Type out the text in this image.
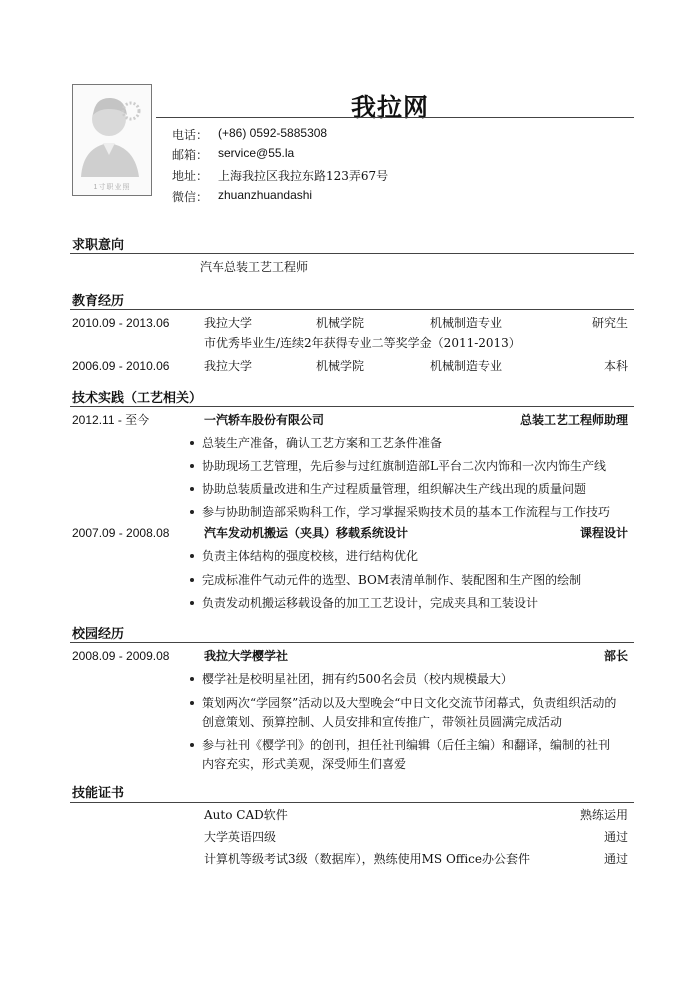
1寸职业照
我拉网
电话： (+86) 0592-5885308
邮箱： service@55.la
地址： 上海我拉区我拉东路123弄67号
微信： zhuanzhuandashi
求职意向
汽车总装工艺工程师
教育经历
2010.09 - 2013.06	我拉大学	机械学院	机械制造专业	研究生
市优秀毕业生/连续2年获得专业二等奖学金（2011-2013）
2006.09 - 2010.06	我拉大学	机械学院	机械制造专业	本科
技术实践（工艺相关）
2012.11 - 至今	一汽轿车股份有限公司	总装工艺工程师助理
总装生产准备，确认工艺方案和工艺条件准备
协助现场工艺管理，先后参与过红旗制造部L平台二次内饰和一次内饰生产线
协助总装质量改进和生产过程质量管理，组织解决生产线出现的质量问题
参与协助制造部采购科工作，学习掌握采购技术员的基本工作流程与工作技巧
2007.09 - 2008.08	汽车发动机搬运（夹具）移载系统设计	课程设计
负责主体结构的强度校核，进行结构优化
完成标准件气动元件的选型、BOM表清单制作、装配图和生产图的绘制
负责发动机搬运移载设备的加工工艺设计，完成夹具和工装设计
校园经历
2008.09 - 2009.08	我拉大学樱学社	部长
樱学社是校明星社团，拥有约500名会员（校内规模最大）
策划两次“学园祭”活动以及大型晚会“中日文化交流节闭幕式，负责组织活动的
创意策划、预算控制、人员安排和宣传推广，带领社员圆满完成活动
参与社刊《樱学刊》的创刊，担任社刊编辑（后任主编）和翻译，编制的社刊
内容充实，形式美观，深受师生们喜爱
技能证书
Auto CAD软件	熟练运用
大学英语四级	通过
计算机等级考试3级（数据库），熟练使用MS Office办公套件	通过
